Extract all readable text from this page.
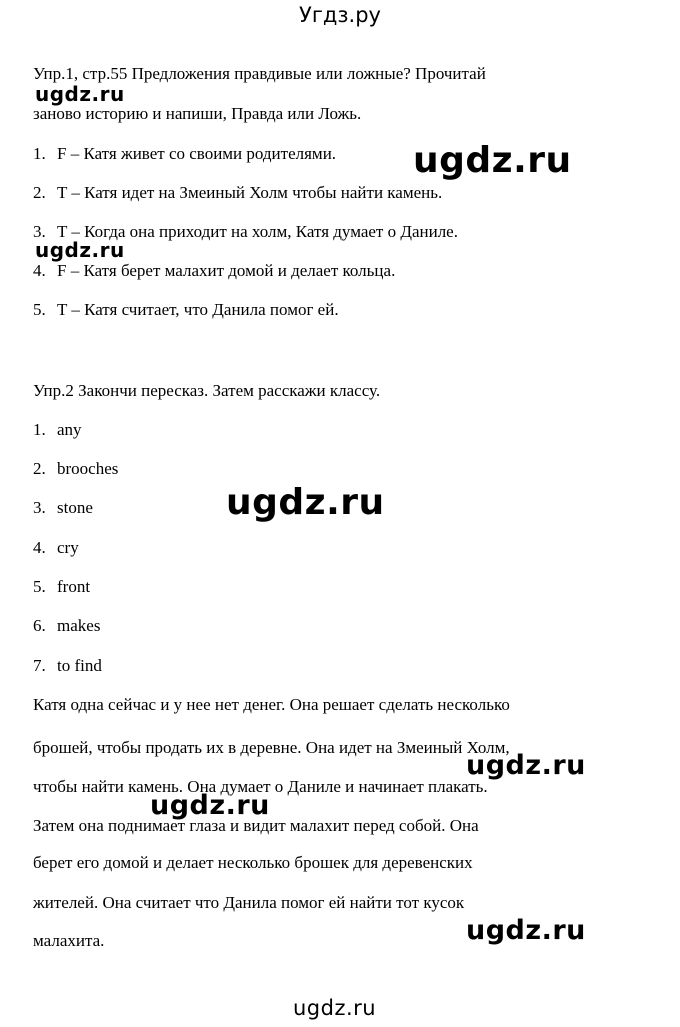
Угдз.ру
Упр.1, стр.55 Предложения правдивые или ложные? Прочитай
заново историю и напиши, Правда или Ложь.
1. F – Катя живет со своими родителями.
2. T – Катя идет на Змеиный Холм чтобы найти камень.
3. T – Когда она приходит на холм, Катя думает о Даниле.
4. F – Катя берет малахит домой и делает кольца.
5. T – Катя считает, что Данила помог ей.
Упр.2 Закончи пересказ. Затем расскажи классу.
1. any
2. brooches
3. stone
4. cry
5. front
6. makes
7. to find
Катя одна сейчас и у нее нет денег. Она решает сделать несколько
брошей, чтобы продать их в деревне. Она идет на Змеиный Холм,
чтобы найти камень. Она думает о Даниле и начинает плакать.
Затем она поднимает глаза и видит малахит перед собой. Она
берет его домой и делает несколько брошек для деревенских
жителей. Она считает что Данила помог ей найти тот кусок
малахита.
ugdz.ru
ugdz.ru
ugdz.ru
ugdz.ru
ugdz.ru
ugdz.ru
ugdz.ru
ugdz.ru
